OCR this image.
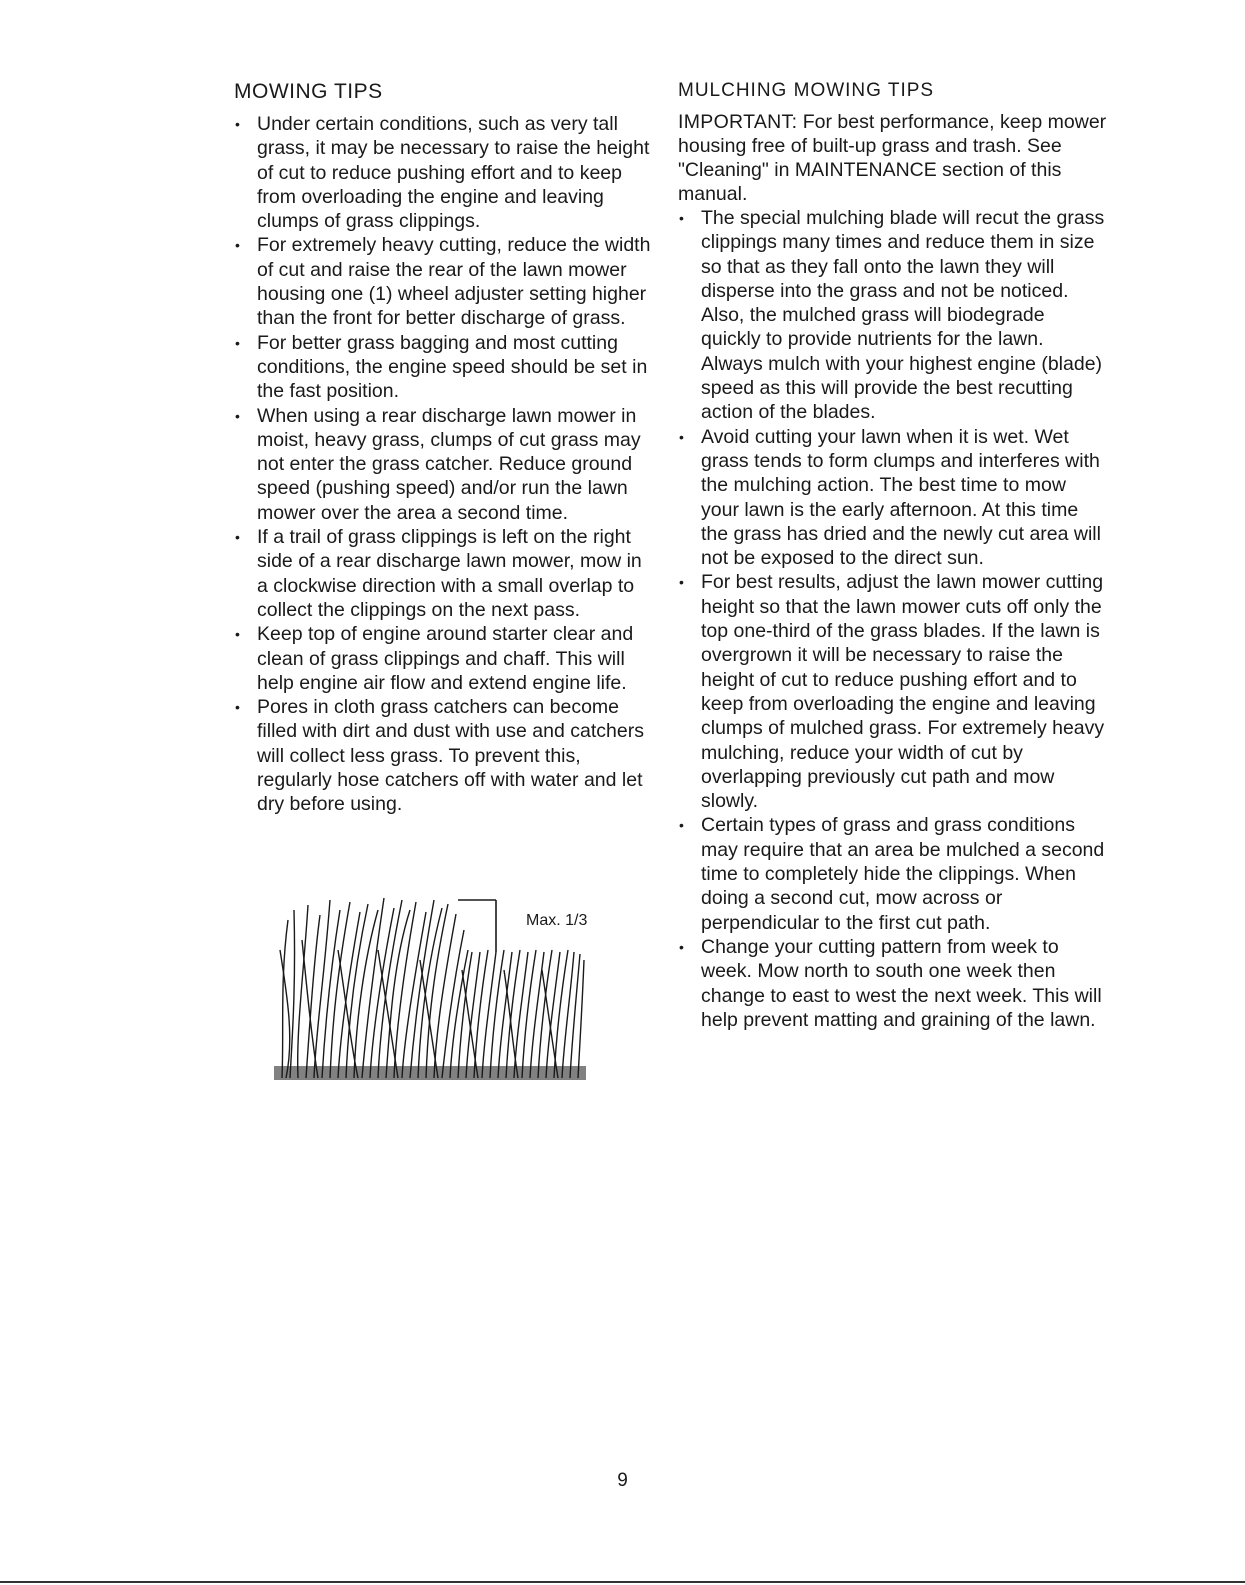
MOWING TIPS
• Under certain conditions, such as very tall grass, it may be necessary to raise the height of cut to reduce pushing effort and to keep from overloading the engine and leaving clumps of grass clippings.
• For extremely heavy cutting, reduce the width of cut and raise the rear of the lawn mower housing one (1) wheel adjuster setting higher than the front for better discharge of grass.
• For better grass bagging and most cutting conditions, the engine speed should be set in the fast position.
• When using a rear discharge lawn mower in moist, heavy grass, clumps of cut grass may not enter the grass catcher. Reduce ground speed (pushing speed) and/or run the lawn mower over the area a second time.
• If a trail of grass clippings is left on the right side of a rear discharge lawn mower, mow in a clockwise direction with a small overlap to collect the clippings on the next pass.
• Keep top of engine around starter clear and clean of grass clippings and chaff. This will help engine air flow and extend engine life.
• Pores in cloth grass catchers can become filled with dirt and dust with use and catchers will collect less grass. To prevent this, regularly hose catchers off with water and let dry before using.
Max. 1/3
MULCHING MOWING TIPS

IMPORTANT: For best performance, keep mower housing free of built-up grass and trash. See "Cleaning" in MAINTENANCE section of this manual.

• The special mulching blade will recut the grass clippings many times and reduce them in size so that as they fall onto the lawn they will disperse into the grass and not be noticed. Also, the mulched grass will biodegrade quickly to provide nutrients for the lawn. Always mulch with your highest engine (blade) speed as this will provide the best recutting action of the blades.
• Avoid cutting your lawn when it is wet. Wet grass tends to form clumps and interferes with the mulching action. The best time to mow your lawn is the early afternoon. At this time the grass has dried and the newly cut area will not be exposed to the direct sun.
• For best results, adjust the lawn mower cutting height so that the lawn mower cuts off only the top one-third of the grass blades. If the lawn is overgrown it will be necessary to raise the height of cut to reduce pushing effort and to keep from overloading the engine and leaving clumps of mulched grass. For extremely heavy mulching, reduce your width of cut by overlapping previously cut path and mow slowly.
• Certain types of grass and grass conditions may require that an area be mulched a second time to completely hide the clippings. When doing a second cut, mow across or perpendicular to the first cut path.
• Change your cutting pattern from week to week. Mow north to south one week then change to east to west the next week. This will help prevent matting and graining of the lawn.
9
